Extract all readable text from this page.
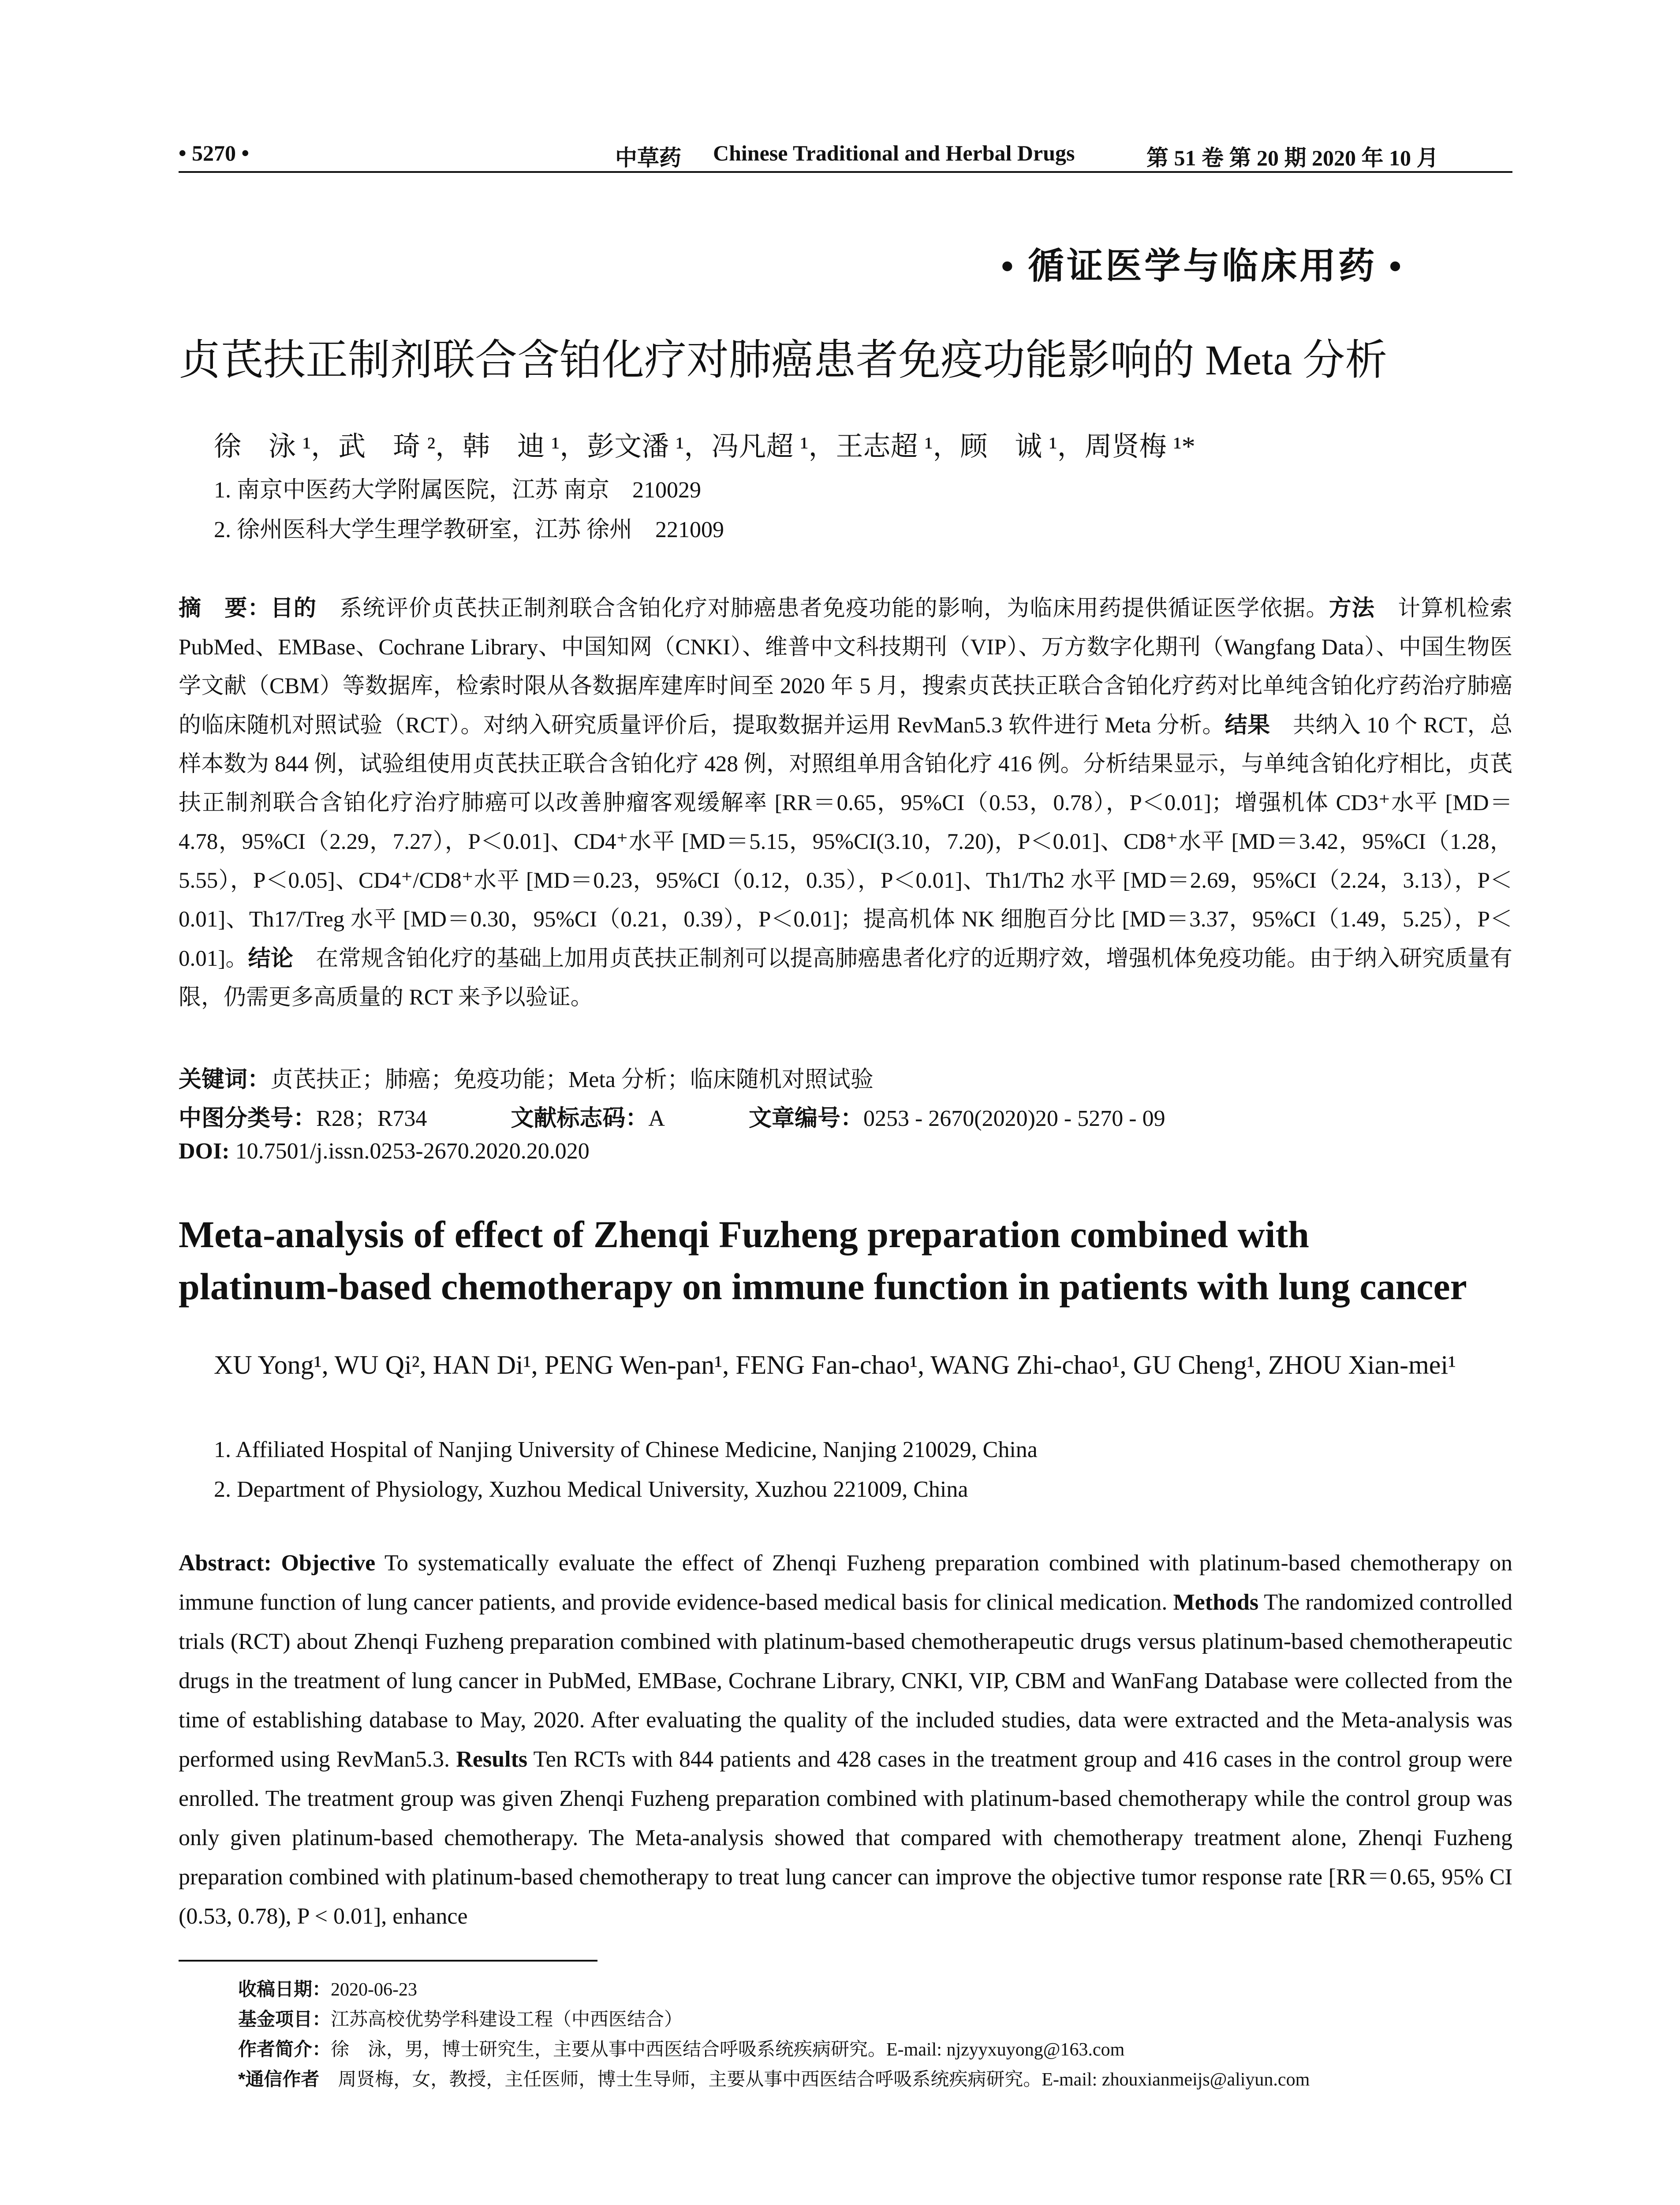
• 5270 •	中草药 Chinese Traditional and Herbal Drugs	第 51 卷 第 20 期 2020 年 10 月
• 循证医学与临床用药 •
贞芪扶正制剂联合含铂化疗对肺癌患者免疫功能影响的 Meta 分析
徐　泳 ¹，武　琦 ²，韩　迪 ¹，彭文潘 ¹，冯凡超 ¹，王志超 ¹，顾　诚 ¹，周贤梅 ¹*
1. 南京中医药大学附属医院，江苏 南京　210029
2. 徐州医科大学生理学教研室，江苏 徐州　221009
摘　要：目的　系统评价贞芪扶正制剂联合含铂化疗对肺癌患者免疫功能的影响，为临床用药提供循证医学依据。方法　计算机检索 PubMed、EMBase、Cochrane Library、中国知网（CNKI）、维普中文科技期刊（VIP）、万方数字化期刊（Wangfang Data）、中国生物医学文献（CBM）等数据库，检索时限从各数据库建库时间至 2020 年 5 月，搜索贞芪扶正联合含铂化疗药对比单纯含铂化疗药治疗肺癌的临床随机对照试验（RCT）。对纳入研究质量评价后，提取数据并运用 RevMan5.3 软件进行 Meta 分析。结果　共纳入 10 个 RCT，总样本数为 844 例，试验组使用贞芪扶正联合含铂化疗 428 例，对照组单用含铂化疗 416 例。分析结果显示，与单纯含铂化疗相比，贞芪扶正制剂联合含铂化疗治疗肺癌可以改善肿瘤客观缓解率 [RR＝0.65，95%CI（0.53，0.78），P＜0.01]；增强机体 CD3⁺水平 [MD＝4.78，95%CI（2.29，7.27），P＜0.01]、CD4⁺水平 [MD＝5.15，95%CI(3.10，7.20)，P＜0.01]、CD8⁺水平 [MD＝3.42，95%CI（1.28，5.55），P＜0.05]、CD4⁺/CD8⁺水平 [MD＝0.23，95%CI（0.12，0.35），P＜0.01]、Th1/Th2 水平 [MD＝2.69，95%CI（2.24，3.13），P＜0.01]、Th17/Treg 水平 [MD＝0.30，95%CI（0.21，0.39），P＜0.01]；提高机体 NK 细胞百分比 [MD＝3.37，95%CI（1.49，5.25），P＜0.01]。结论　在常规含铂化疗的基础上加用贞芪扶正制剂可以提高肺癌患者化疗的近期疗效，增强机体免疫功能。由于纳入研究质量有限，仍需更多高质量的 RCT 来予以验证。
关键词：贞芪扶正；肺癌；免疫功能；Meta 分析；临床随机对照试验
中图分类号：R28；R734	文献标志码：A	文章编号：0253 - 2670(2020)20 - 5270 - 09
DOI: 10.7501/j.issn.0253-2670.2020.20.020
Meta-analysis of effect of Zhenqi Fuzheng preparation combined with
platinum-based chemotherapy on immune function in patients with lung cancer
XU Yong¹, WU Qi², HAN Di¹, PENG Wen-pan¹, FENG Fan-chao¹, WANG Zhi-chao¹, GU Cheng¹, ZHOU Xian-mei¹
1. Affiliated Hospital of Nanjing University of Chinese Medicine, Nanjing 210029, China
2. Department of Physiology, Xuzhou Medical University, Xuzhou 221009, China
Abstract: Objective To systematically evaluate the effect of Zhenqi Fuzheng preparation combined with platinum-based chemotherapy on immune function of lung cancer patients, and provide evidence-based medical basis for clinical medication. Methods The randomized controlled trials (RCT) about Zhenqi Fuzheng preparation combined with platinum-based chemotherapeutic drugs versus platinum-based chemotherapeutic drugs in the treatment of lung cancer in PubMed, EMBase, Cochrane Library, CNKI, VIP, CBM and WanFang Database were collected from the time of establishing database to May, 2020. After evaluating the quality of the included studies, data were extracted and the Meta-analysis was performed using RevMan5.3. Results Ten RCTs with 844 patients and 428 cases in the treatment group and 416 cases in the control group were enrolled. The treatment group was given Zhenqi Fuzheng preparation combined with platinum-based chemotherapy while the control group was only given platinum-based chemotherapy. The Meta-analysis showed that compared with chemotherapy treatment alone, Zhenqi Fuzheng preparation combined with platinum-based chemotherapy to treat lung cancer can improve the objective tumor response rate [RR＝0.65, 95% CI (0.53, 0.78), P < 0.01], enhance
收稿日期：2020-06-23
基金项目：江苏高校优势学科建设工程（中西医结合）
作者简介：徐　泳，男，博士研究生，主要从事中西医结合呼吸系统疾病研究。E-mail: njzyyxuyong@163.com
*通信作者　周贤梅，女，教授，主任医师，博士生导师，主要从事中西医结合呼吸系统疾病研究。E-mail: zhouxianmeijs@aliyun.com
